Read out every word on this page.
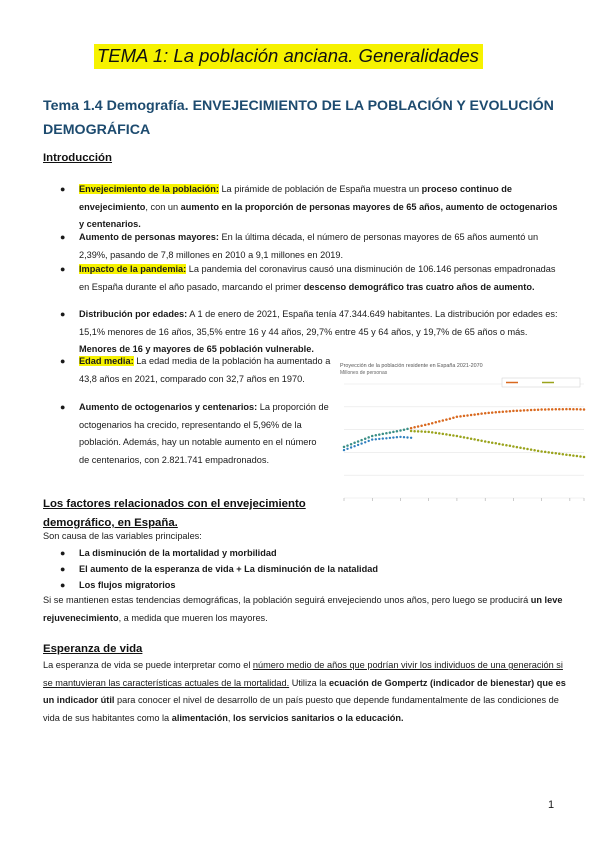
TEMA 1: La población anciana. Generalidades
Tema 1.4 Demografía. ENVEJECIMIENTO DE LA POBLACIÓN Y EVOLUCIÓN DEMOGRÁFICA
Introducción
● Envejecimiento de la población: La pirámide de población de España muestra un proceso continuo de envejecimiento, con un aumento en la proporción de personas mayores de 65 años, aumento de octogenarios y centenarios.
● Aumento de personas mayores: En la última década, el número de personas mayores de 65 años aumentó un 2,39%, pasando de 7,8 millones en 2010 a 9,1 millones en 2019.
● Impacto de la pandemia: La pandemia del coronavirus causó una disminución de 106.146 personas empadronadas en España durante el año pasado, marcando el primer descenso demográfico tras cuatro años de aumento.
● Distribución por edades: A 1 de enero de 2021, España tenía 47.344.649 habitantes. La distribución por edades es: 15,1% menores de 16 años, 35,5% entre 16 y 44 años, 29,7% entre 45 y 64 años, y 19,7% de 65 años o más. Menores de 16 y mayores de 65 población vulnerable.
● Edad media: La edad media de la población ha aumentado a 43,8 años en 2021, comparado con 32,7 años en 1970.
● Aumento de octogenarios y centenarios: La proporción de octogenarios ha crecido, representando el 5,96% de la población. Además, hay un notable aumento en el número de centenarios, con 2.821.741 empadronados.
Proyección de la población residente en España 2021-2070
Millones de personas
Los factores relacionados con el envejecimiento
demográfico, en España.
Son causa de las variables principales:
● La disminución de la mortalidad y morbilidad
● El aumento de la esperanza de vida + La disminución de la natalidad
● Los flujos migratorios
Si se mantienen estas tendencias demográficas, la población seguirá envejeciendo unos años, pero luego se producirá un leve rejuvenecimiento, a medida que mueren los mayores.
Esperanza de vida
La esperanza de vida se puede interpretar como el número medio de años que podrían vivir los individuos de una generación si se mantuvieran las características actuales de la mortalidad. Utiliza la ecuación de Gompertz (indicador de bienestar) que es un indicador útil para conocer el nivel de desarrollo de un país puesto que depende fundamentalmente de las condiciones de vida de sus habitantes como la alimentación, los servicios sanitarios o la educación.
1
